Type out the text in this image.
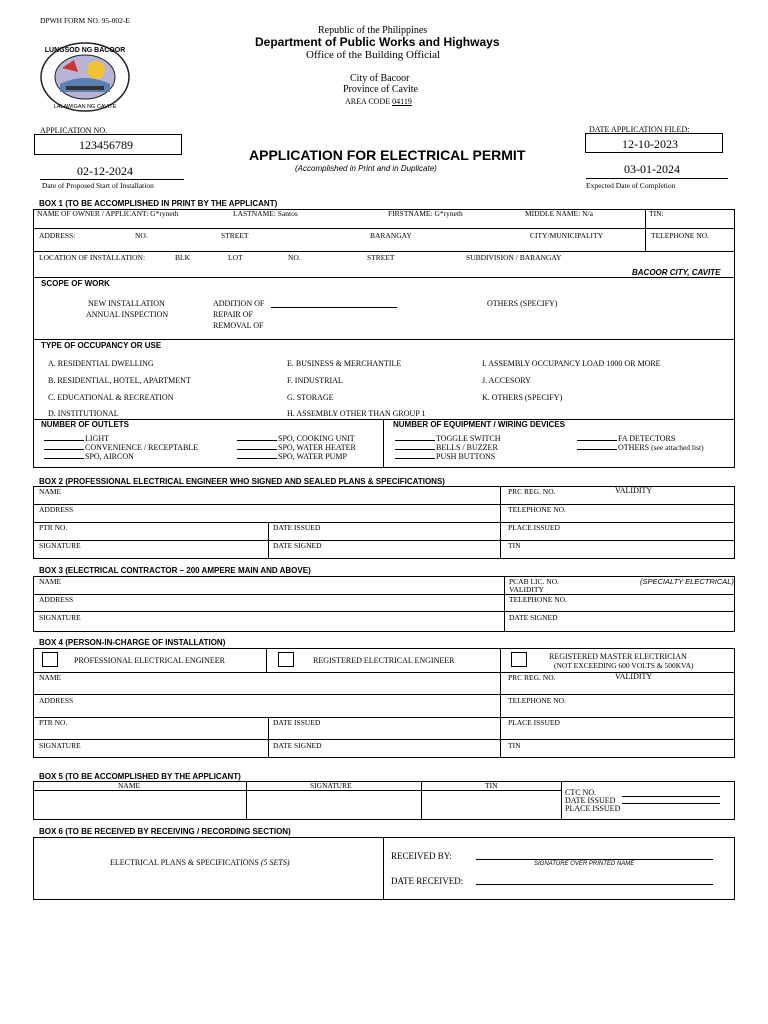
DPWH FORM NO. 95-002-E
LUNGSOD NG BACOOR
LALAWIGAN NG CAVITE
Republic of the Philippines
Department of Public Works and Highways
Office of the Building Official
City of Bacoor
Province of Cavite
AREA CODE 04119
APPLICATION NO.
123456789
DATE APPLICATION FILED:
12-10-2023
APPLICATION FOR ELECTRICAL PERMIT
(Accomplished in Print and in Duplicate)
02-12-2024
Date of Proposed Start of Installation
03-01-2024
Expected Date of Completion
BOX 1 (TO BE ACCOMPLISHED IN PRINT BY THE APPLICANT)
NAME OF OWNER / APPLICANT: G*ryneth	LASTNAME: Santos	FIRSTNAME: G*ryneth	MIDDLE NAME: N/a	TIN:
ADDRESS:	NO.	STREET	BARANGAY	CITY/MUNICIPALITY	TELEPHONE NO.
LOCATION OF INSTALLATION:	BLK	LOT	NO.	STREET	SUBDIVISION / BARANGAY
BACOOR CITY, CAVITE
SCOPE OF WORK
NEW INSTALLATION
ANNUAL INSPECTION
ADDITION OF
REPAIR OF
REMOVAL OF
OTHERS (SPECIFY)
TYPE OF OCCUPANCY OR USE
A. RESIDENTIAL DWELLING
B. RESIDENTIAL, HOTEL, APARTMENT
C. EDUCATIONAL & RECREATION
D. INSTITUTIONAL
E. BUSINESS & MERCHANTILE
F. INDUSTRIAL
G. STORAGE
H. ASSEMBLY OTHER THAN GROUP 1
I. ASSEMBLY OCCUPANCY LOAD 1000 OR MORE
J. ACCESORY
K. OTHERS (SPECIFY)
NUMBER OF OUTLETS
LIGHT
CONVENIENCE / RECEPTABLE
SPO, AIRCON
SPO, COOKING UNIT
SPO, WATER HEATER
SPO, WATER PUMP
NUMBER OF EQUIPMENT / WIRING DEVICES
TOGGLE SWITCH
BELLS / BUZZER
PUSH BUTTONS
FA DETECTORS
OTHERS (see attached list)
BOX 2 (PROFESSIONAL ELECTRICAL ENGINEER WHO SIGNED AND SEALED PLANS & SPECIFICATIONS)
NAME	PRC REG. NO.	VALIDITY
ADDRESS	TELEPHONE NO.
PTR NO.	DATE ISSUED	PLACE ISSUED
SIGNATURE	DATE SIGNED	TIN
BOX 3 (ELECTRICAL CONTRACTOR – 200 AMPERE MAIN AND ABOVE)
NAME	PCAB LIC. NO.	(SPECIALTY ELECTRICAL)
VALIDITY
ADDRESS	TELEPHONE NO.
SIGNATURE	DATE SIGNED
BOX 4 (PERSON-IN-CHARGE OF INSTALLATION)
PROFESSIONAL ELECTRICAL ENGINEER	REGISTERED ELECTRICAL ENGINEER	REGISTERED MASTER ELECTRICIAN
(NOT EXCEEDING 600 VOLTS & 500KVA)
NAME	PRC REG. NO.	VALIDITY
ADDRESS	TELEPHONE NO.
PTR NO.	DATE ISSUED	PLACE ISSUED
SIGNATURE	DATE SIGNED	TIN
BOX 5 (TO BE ACCOMPLISHED BY THE APPLICANT)
NAME	SIGNATURE	TIN
CTC NO.
DATE ISSUED
PLACE ISSUED
BOX 6 (TO BE RECEIVED BY RECEIVING / RECORDING SECTION)
ELECTRICAL PLANS & SPECIFICATIONS (5 SETS)
RECEIVED BY:
SIGNATURE OVER PRINTED NAME
DATE RECEIVED:
